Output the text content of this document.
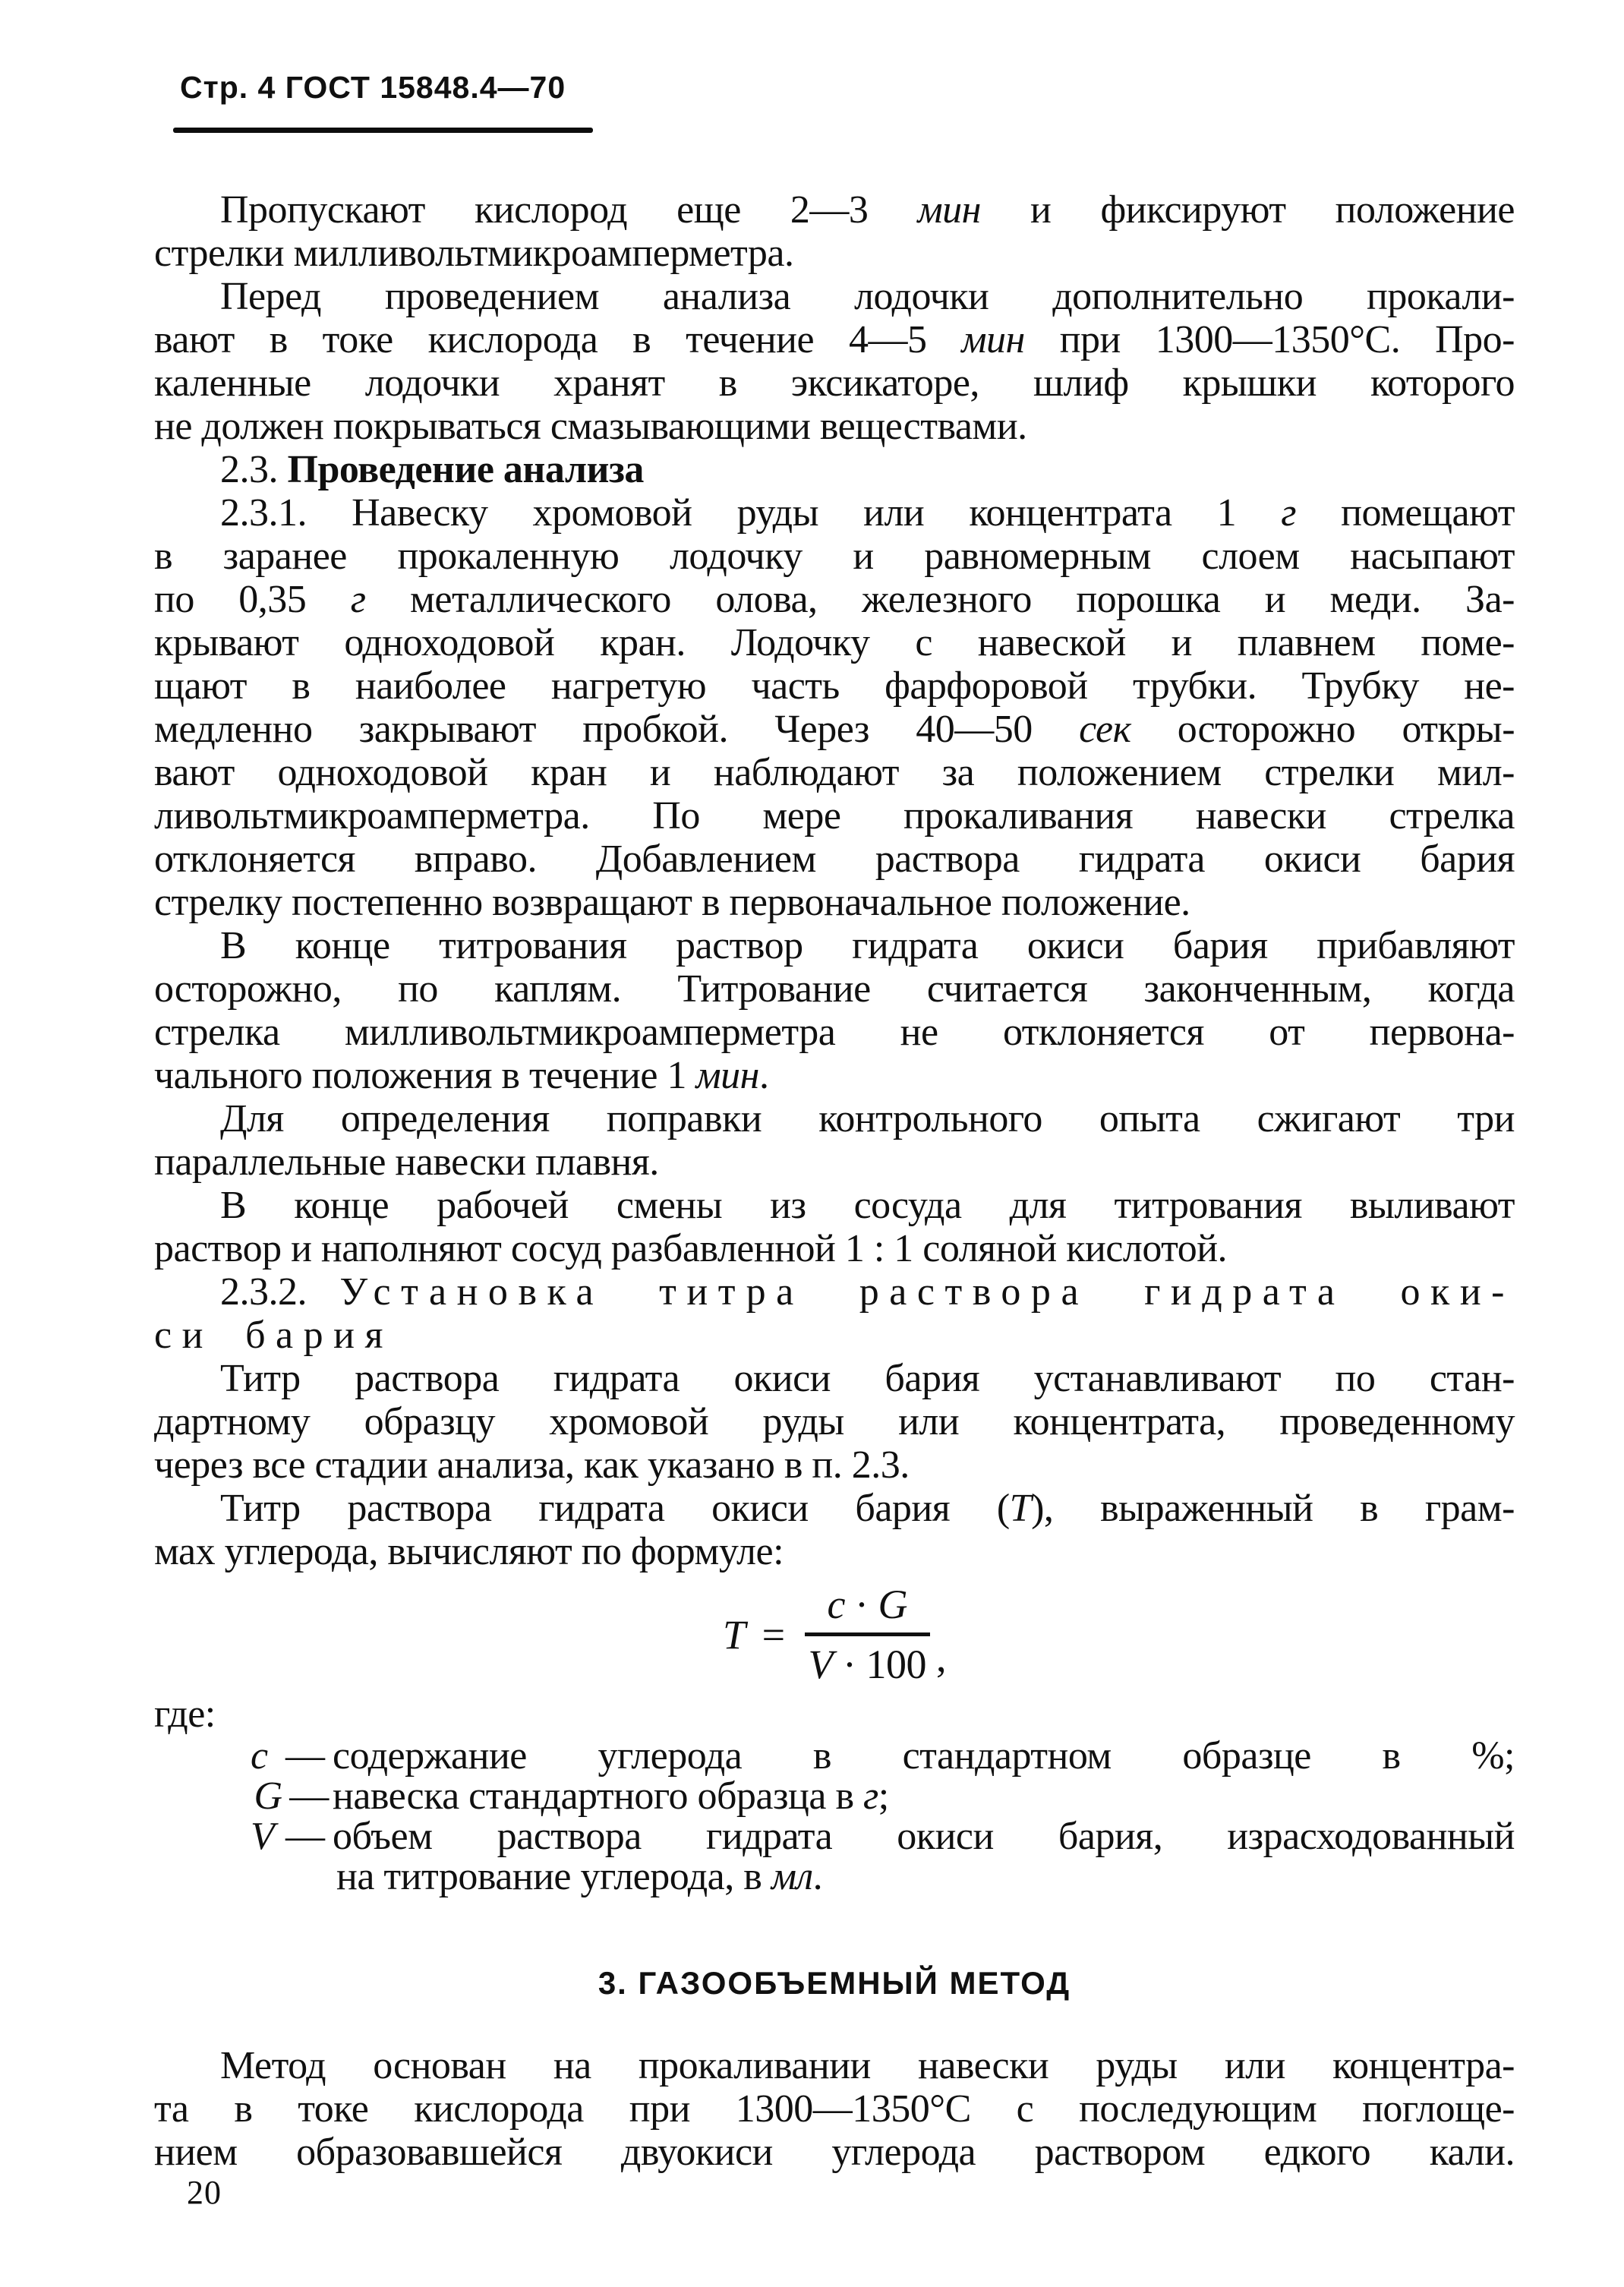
Стр. 4 ГОСТ 15848.4—70
Пропускают кислород еще 2—3 мин и фиксируют положение
стрелки милливольтмикроамперметра.
Перед проведением анализа лодочки дополнительно прокали-
вают в токе кислорода в течение 4—5 мин при 1300—1350°С. Про-
каленные лодочки хранят в эксикаторе, шлиф крышки которого
не должен покрываться смазывающими веществами.
2.3. Проведение анализа
2.3.1. Навеску хромовой руды или концентрата 1 г помещают
в заранее прокаленную лодочку и равномерным слоем насыпают
по 0,35 г металлического олова, железного порошка и меди. За-
крывают одноходовой кран. Лодочку с навеской и плавнем поме-
щают в наиболее нагретую часть фарфоровой трубки. Трубку не-
медленно закрывают пробкой. Через 40—50 сек осторожно откры-
вают одноходовой кран и наблюдают за положением стрелки мил-
ливольтмикроамперметра. По мере прокаливания навески стрелка
отклоняется вправо. Добавлением раствора гидрата окиси бария
стрелку постепенно возвращают в первоначальное положение.
В конце титрования раствор гидрата окиси бария прибавляют
осторожно, по каплям. Титрование считается законченным, когда
стрелка милливольтмикроамперметра не отклоняется от первона-
чального положения в течение 1 мин.
Для определения поправки контрольного опыта сжигают три
параллельные навески плавня.
В конце рабочей смены из сосуда для титрования выливают
раствор и наполняют сосуд разбавленной 1 : 1 соляной кислотой.
2.3.2. Установка титра раствора гидрата оки-
си бария
Титр раствора гидрата окиси бария устанавливают по стан-
дартному образцу хромовой руды или концентрата, проведенному
через все стадии анализа, как указано в п. 2.3.
Титр раствора гидрата окиси бария (Т), выраженный в грам-
мах углерода, вычисляют по формуле:
$Т = \frac{с \cdot G}{V \cdot 100}$ ,
где:
с — содержание углерода в стандартном образце в %;
G — навеска стандартного образца в г;
V — объем раствора гидрата окиси бария, израсходованный
на титрование углерода, в мл.
3. ГАЗООБЪЕМНЫЙ МЕТОД
Метод основан на прокаливании навески руды или концентра-
та в токе кислорода при 1300—1350°С с последующим поглоще-
нием образовавшейся двуокиси углерода раствором едкого кали.
20
